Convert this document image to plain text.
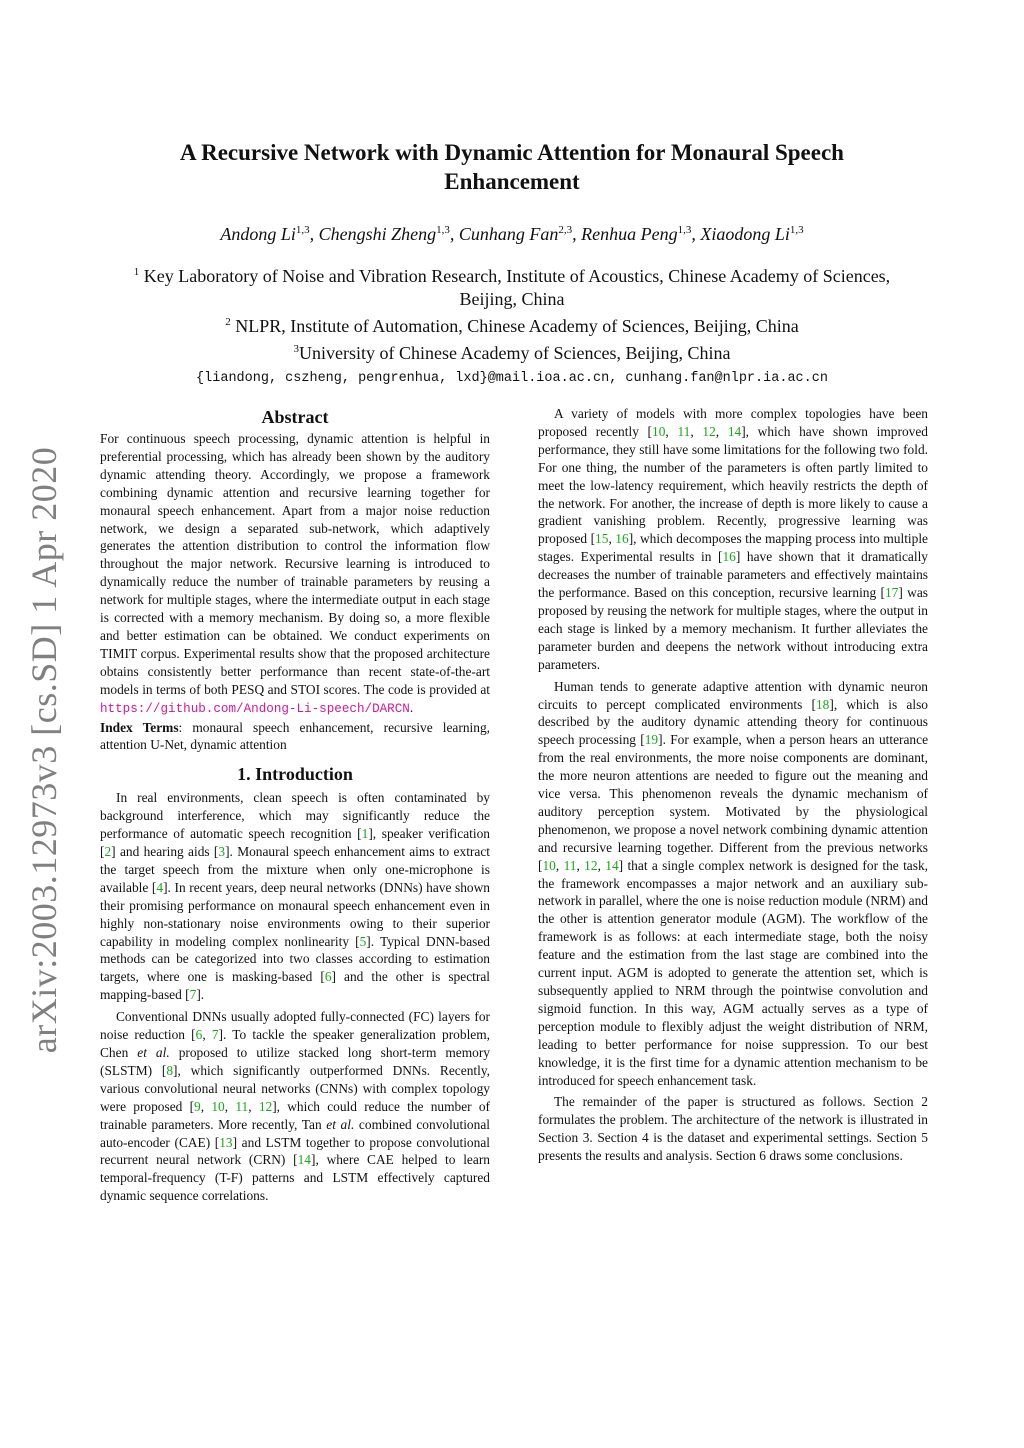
arXiv:2003.12973v3 [cs.SD] 1 Apr 2020
A Recursive Network with Dynamic Attention for Monaural Speech Enhancement
Andong Li$^{1,3}$, Chengshi Zheng$^{1,3}$, Cunhang Fan$^{2,3}$, Renhua Peng$^{1,3}$, Xiaodong Li$^{1,3}$
$^1$ Key Laboratory of Noise and Vibration Research, Institute of Acoustics, Chinese Academy of Sciences, Beijing, China
$^2$ NLPR, Institute of Automation, Chinese Academy of Sciences, Beijing, China
$^3$University of Chinese Academy of Sciences, Beijing, China
{liandong, cszheng, pengrenhua, lxd}@mail.ioa.ac.cn, cunhang.fan@nlpr.ia.ac.cn
Abstract

For continuous speech processing, dynamic attention is helpful in preferential processing, which has already been shown by the auditory dynamic attending theory. Accordingly, we propose a framework combining dynamic attention and recursive learning together for monaural speech enhancement. Apart from a major noise reduction network, we design a separated sub-network, which adaptively generates the attention distribution to control the information flow throughout the major network. Recursive learning is introduced to dynamically reduce the number of trainable parameters by reusing a network for multiple stages, where the intermediate output in each stage is corrected with a memory mechanism. By doing so, a more flexible and better estimation can be obtained. We conduct experiments on TIMIT corpus. Experimental results show that the proposed architecture obtains consistently better performance than recent state-of-the-art models in terms of both PESQ and STOI scores. The code is provided at https://github.com/Andong-Li-speech/DARCN.

Index Terms: monaural speech enhancement, recursive learning, attention U-Net, dynamic attention

1. Introduction

In real environments, clean speech is often contaminated by background interference, which may significantly reduce the performance of automatic speech recognition [1], speaker verification [2] and hearing aids [3]. Monaural speech enhancement aims to extract the target speech from the mixture when only one-microphone is available [4]. In recent years, deep neural networks (DNNs) have shown their promising performance on monaural speech enhancement even in highly non-stationary noise environments owing to their superior capability in modeling complex nonlinearity [5]. Typical DNN-based methods can be categorized into two classes according to estimation targets, where one is masking-based [6] and the other is spectral mapping-based [7].

Conventional DNNs usually adopted fully-connected (FC) layers for noise reduction [6, 7]. To tackle the speaker generalization problem, Chen et al. proposed to utilize stacked long short-term memory (SLSTM) [8], which significantly outperformed DNNs. Recently, various convolutional neural networks (CNNs) with complex topology were proposed [9, 10, 11, 12], which could reduce the number of trainable parameters. More recently, Tan et al. combined convolutional auto-encoder (CAE) [13] and LSTM together to propose convolutional recurrent neural network (CRN) [14], where CAE helped to learn temporal-frequency (T-F) patterns and LSTM effectively captured dynamic sequence correlations.

A variety of models with more complex topologies have been proposed recently [10, 11, 12, 14], which have shown improved performance, they still have some limitations for the following two fold. For one thing, the number of the parameters is often partly limited to meet the low-latency requirement, which heavily restricts the depth of the network. For another, the increase of depth is more likely to cause a gradient vanishing problem. Recently, progressive learning was proposed [15, 16], which decomposes the mapping process into multiple stages. Experimental results in [16] have shown that it dramatically decreases the number of trainable parameters and effectively maintains the performance. Based on this conception, recursive learning [17] was proposed by reusing the network for multiple stages, where the output in each stage is linked by a memory mechanism. It further alleviates the parameter burden and deepens the network without introducing extra parameters.

Human tends to generate adaptive attention with dynamic neuron circuits to percept complicated environments [18], which is also described by the auditory dynamic attending theory for continuous speech processing [19]. For example, when a person hears an utterance from the real environments, the more noise components are dominant, the more neuron attentions are needed to figure out the meaning and vice versa. This phenomenon reveals the dynamic mechanism of auditory perception system. Motivated by the physiological phenomenon, we propose a novel network combining dynamic attention and recursive learning together. Different from the previous networks [10, 11, 12, 14] that a single complex network is designed for the task, the framework encompasses a major network and an auxiliary sub-network in parallel, where the one is noise reduction module (NRM) and the other is attention generator module (AGM). The workflow of the framework is as follows: at each intermediate stage, both the noisy feature and the estimation from the last stage are combined into the current input. AGM is adopted to generate the attention set, which is subsequently applied to NRM through the pointwise convolution and sigmoid function. In this way, AGM actually serves as a type of perception module to flexibly adjust the weight distribution of NRM, leading to better performance for noise suppression. To our best knowledge, it is the first time for a dynamic attention mechanism to be introduced for speech enhancement task.

The remainder of the paper is structured as follows. Section 2 formulates the problem. The architecture of the network is illustrated in Section 3. Section 4 is the dataset and experimental settings. Section 5 presents the results and analysis. Section 6 draws some conclusions.
